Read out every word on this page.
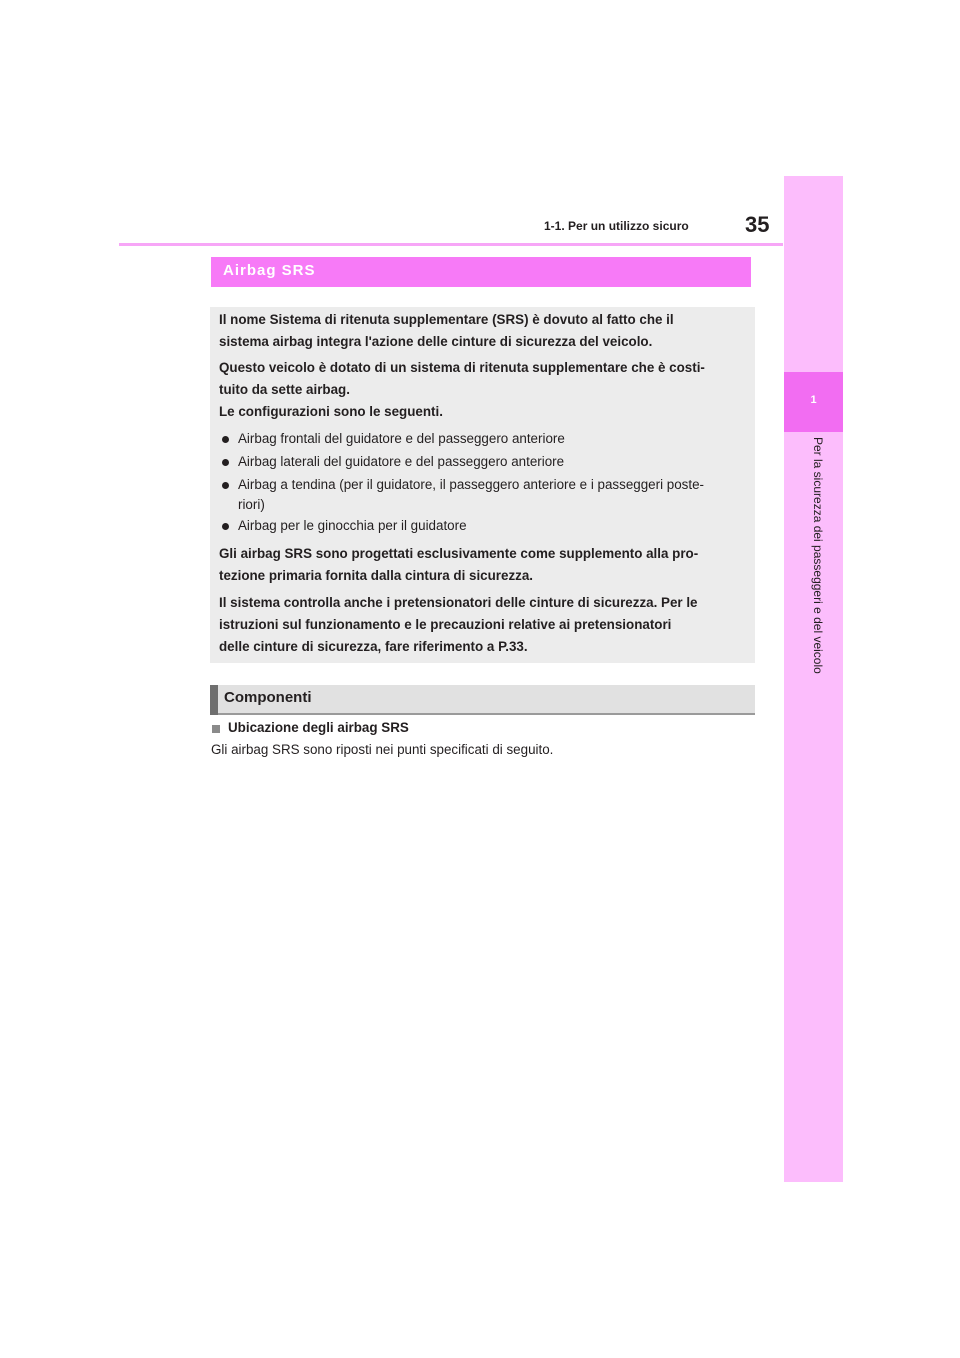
1-1. Per un utilizzo sicuro	35
1
Per la sicurezza dei passeggeri e del veicolo
Airbag SRS
Il nome Sistema di ritenuta supplementare (SRS) è dovuto al fatto che il
sistema airbag integra l'azione delle cinture di sicurezza del veicolo.
Questo veicolo è dotato di un sistema di ritenuta supplementare che è costi-
tuito da sette airbag.
Le configurazioni sono le seguenti.
Airbag frontali del guidatore e del passeggero anteriore
Airbag laterali del guidatore e del passeggero anteriore
Airbag a tendina (per il guidatore, il passeggero anteriore e i passeggeri poste-
riori)
Airbag per le ginocchia per il guidatore
Gli airbag SRS sono progettati esclusivamente come supplemento alla pro-
tezione primaria fornita dalla cintura di sicurezza.
Il sistema controlla anche i pretensionatori delle cinture di sicurezza. Per le
istruzioni sul funzionamento e le precauzioni relative ai pretensionatori
delle cinture di sicurezza, fare riferimento a P.33.
Componenti
Ubicazione degli airbag SRS
Gli airbag SRS sono riposti nei punti specificati di seguito.
